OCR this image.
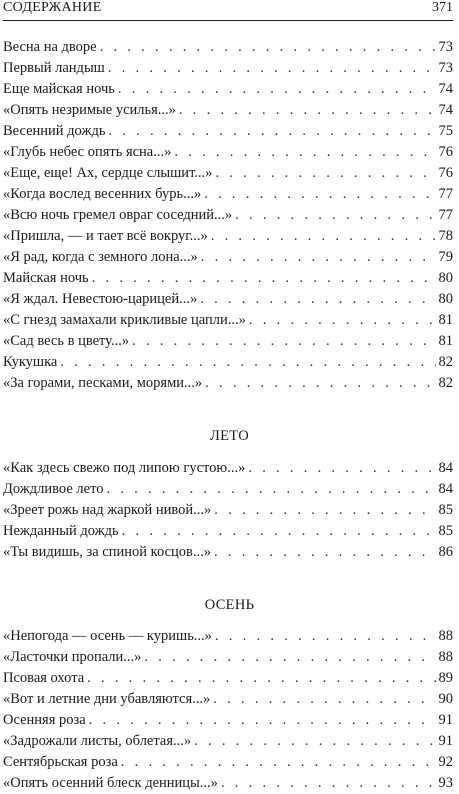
СОДЕРЖАНИЕ	371
Весна на дворе . . .	73
Первый ландыш . . .	73
Еще майская ночь . . .	74
«Опять незримые усилья...» . . .	74
Весенний дождь . . .	75
«Глубь небес опять ясна...» . . .	76
«Еще, еще! Ах, сердце слышит...» . . .	76
«Когда вослед весенних бурь...» . . .	77
«Всю ночь гремел овраг соседний...» . . .	77
«Пришла, — и тает всё вокруг...» . . .	78
«Я рад, когда с земного лона...» . . .	79
Майская ночь . . .	80
«Я ждал. Невестою-царицей...» . . .	80
«С гнезд замахали крикливые цапли...» . . .	81
«Сад весь в цвету...» . . .	81
Кукушка . . .	82
«За горами, песками, морями...» . . .	82
ЛЕТО
«Как здесь свежо под липою густою...» . . .	84
Дождливое лето . . .	84
«Зреет рожь над жаркой нивой...» . . .	85
Нежданный дождь . . .	85
«Ты видишь, за спиной косцов...» . . .	86
ОСЕНЬ
«Непогода — осень — куришь...» . . .	88
«Ласточки пропали...» . . .	88
Псовая охота . . .	89
«Вот и летние дни убавляются...» . . .	90
Осенняя роза . . .	91
«Задрожали листы, облетая...» . . .	91
Сентябрьская роза . . .	92
«Опять осенний блеск денницы...» . . .	93
